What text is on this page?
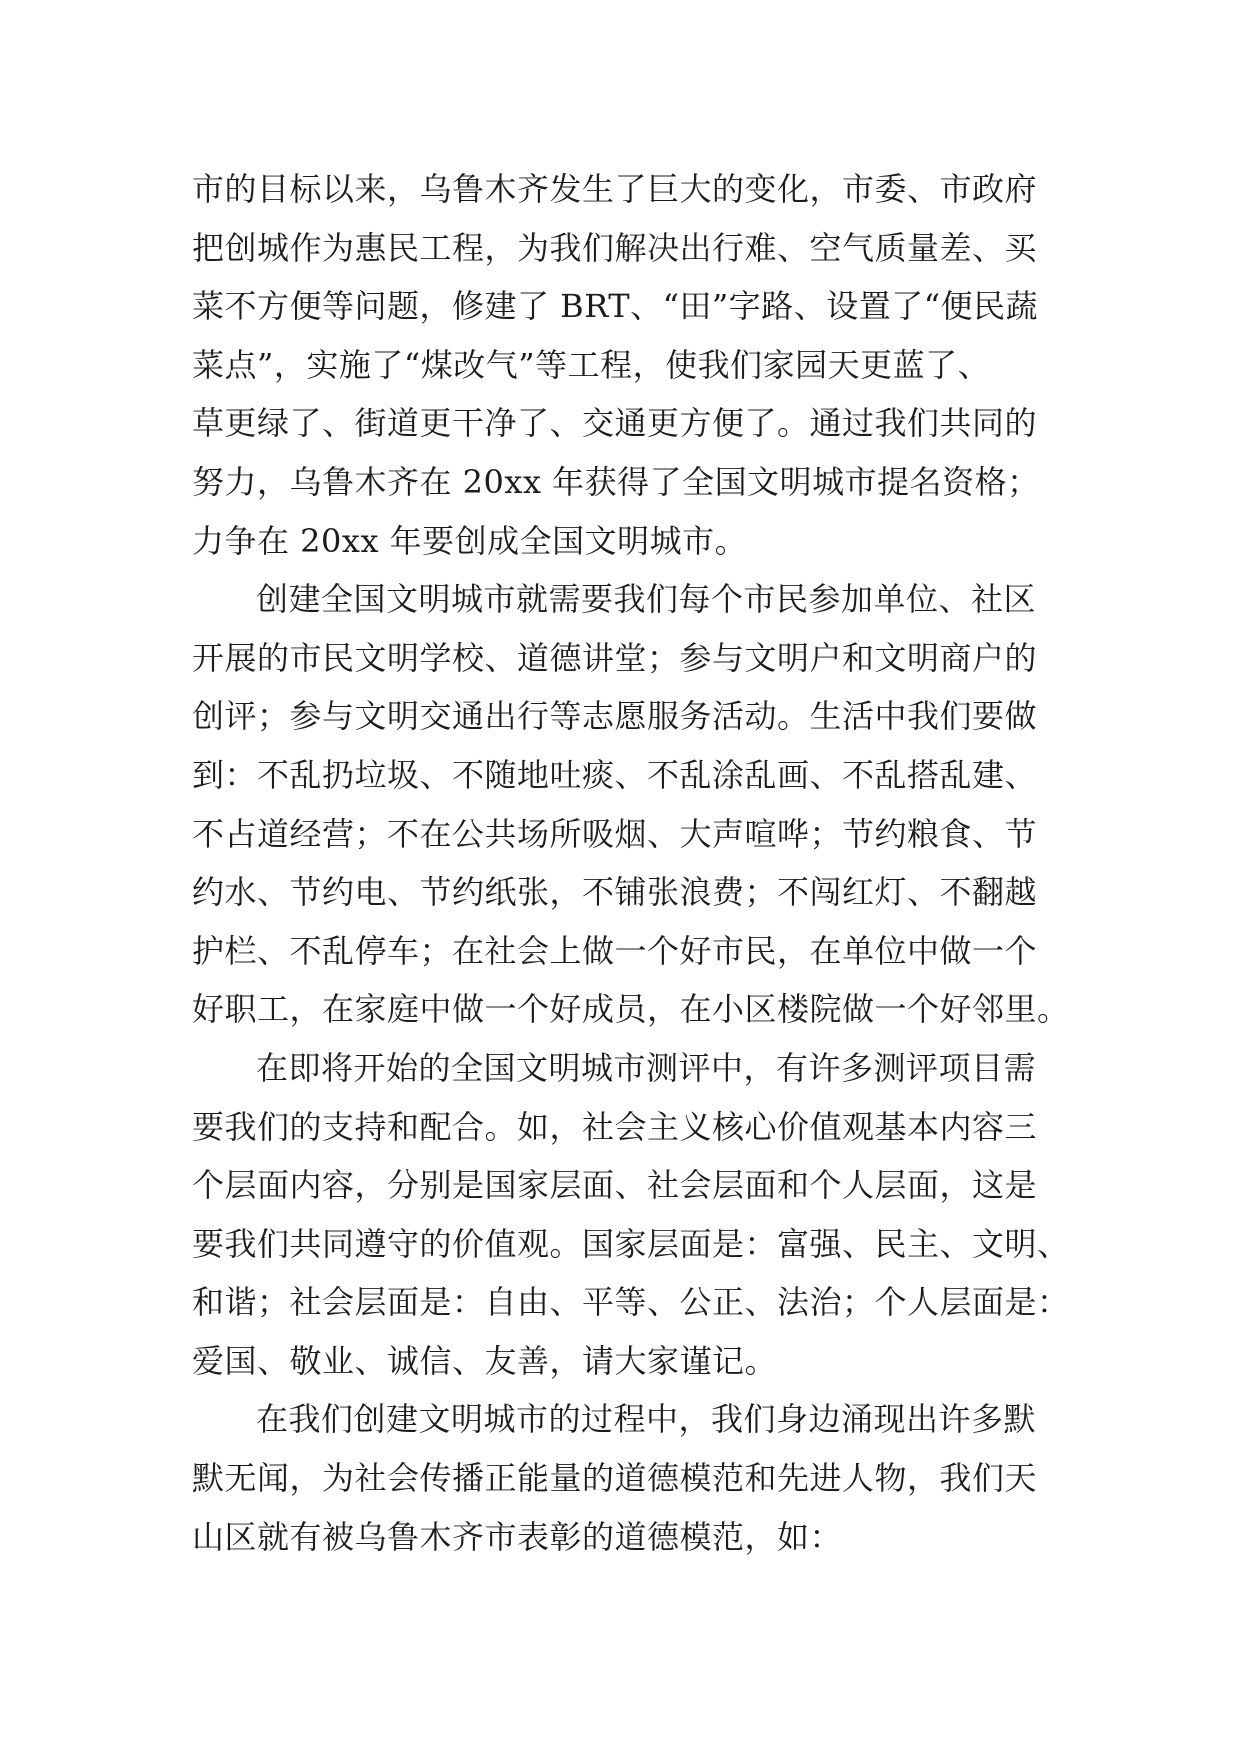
市的目标以来，乌鲁木齐发生了巨大的变化，市委、市政府
把创城作为惠民工程，为我们解决出行难、空气质量差、买
菜不方便等问题，修建了 BRT、“田”字路、设置了“便民蔬
菜点”，实施了“煤改气”等工程，使我们家园天更蓝了、
草更绿了、街道更干净了、交通更方便了。通过我们共同的
努力，乌鲁木齐在 20xx 年获得了全国文明城市提名资格；
力争在 20xx 年要创成全国文明城市。
创建全国文明城市就需要我们每个市民参加单位、社区
开展的市民文明学校、道德讲堂；参与文明户和文明商户的
创评；参与文明交通出行等志愿服务活动。生活中我们要做
到：不乱扔垃圾、不随地吐痰、不乱涂乱画、不乱搭乱建、
不占道经营；不在公共场所吸烟、大声喧哗；节约粮食、节
约水、节约电、节约纸张，不铺张浪费；不闯红灯、不翻越
护栏、不乱停车；在社会上做一个好市民，在单位中做一个
好职工，在家庭中做一个好成员，在小区楼院做一个好邻里。
在即将开始的全国文明城市测评中，有许多测评项目需
要我们的支持和配合。如，社会主义核心价值观基本内容三
个层面内容，分别是国家层面、社会层面和个人层面，这是
要我们共同遵守的价值观。国家层面是：富强、民主、文明、
和谐；社会层面是：自由、平等、公正、法治；个人层面是：
爱国、敬业、诚信、友善，请大家谨记。
在我们创建文明城市的过程中，我们身边涌现出许多默
默无闻，为社会传播正能量的道德模范和先进人物，我们天
山区就有被乌鲁木齐市表彰的道德模范，如：
